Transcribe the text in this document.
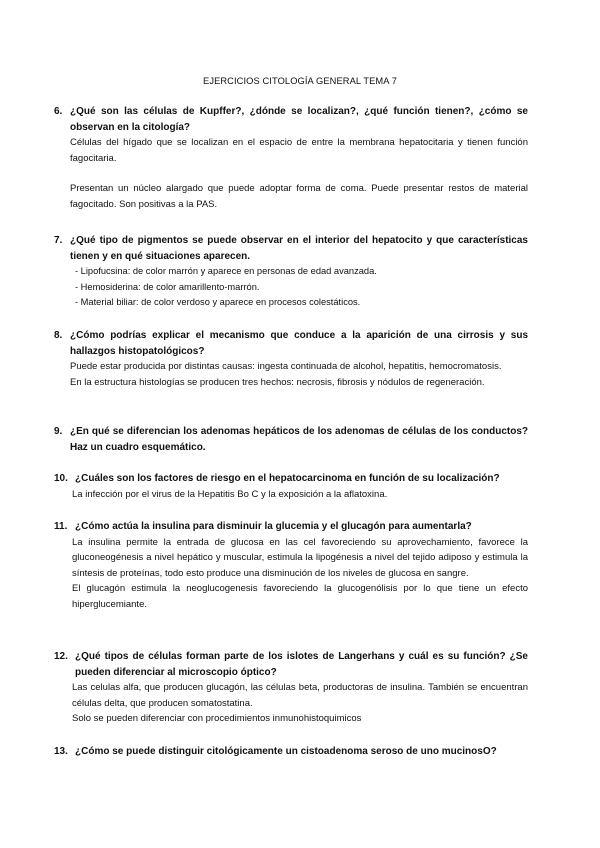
EJERCICIOS CITOLOGÍA GENERAL TEMA 7
6. ¿Qué son las células de Kupffer?, ¿dónde se localizan?, ¿qué función tienen?, ¿cómo se observan en la citología?

Células del hígado que se localizan en el espacio de entre la membrana hepatocitaria y tienen función fagocitaria.

Presentan un núcleo alargado que puede adoptar forma de coma. Puede presentar restos de material fagocitado. Son positivas a la PAS.

7. ¿Qué tipo de pigmentos se puede observar en el interior del hepatocito y que características tienen y en qué situaciones aparecen.
- Lipofucsina: de color marrón y aparece en personas de edad avanzada.
- Hemosiderina: de color amarillento-marrón.
- Material biliar: de color verdoso y aparece en procesos colestáticos.
8. ¿Cómo podrías explicar el mecanismo que conduce a la aparición de una cirrosis y sus hallazgos histopatológicos?

Puede estar producida por distintas causas: ingesta continuada de alcohol, hepatitis, hemocromatosis.

En la estructura histologías se producen tres hechos: necrosis, fibrosis y nódulos de regeneración.

9. ¿En qué se diferencian los adenomas hepáticos de los adenomas de células de los conductos? Haz un cuadro esquemático.
10. ¿Cuáles son los factores de riesgo en el hepatocarcinoma en función de su localización?

La infección por el virus de la Hepatitis Bo C y la exposición a la aflatoxina.

11. ¿Cómo actúa la insulina para disminuir la glucemia y el glucagón para aumentarla?

La insulina permite la entrada de glucosa en las cel favoreciendo su aprovechamiento, favorece la gluconeogénesis a nivel hepático y muscular, estimula la lipogénesis a nivel del tejido adiposo y estimula la síntesis de proteínas, todo esto produce una disminución de los niveles de glucosa en sangre.

El glucagón estimula la neoglucogenesis favoreciendo la glucogenólisis por lo que tiene un efecto hiperglucemiante.

12. ¿Qué tipos de células forman parte de los islotes de Langerhans y cuál es su función? ¿Se pueden diferenciar al microscopio óptico?

Las celulas alfa, que producen glucagón, las células beta, productoras de insulina. También se encuentran células delta, que producen somatostatina.

Solo se pueden diferenciar con procedimientos inmunohistoquimicos

13. ¿Cómo se puede distinguir citológicamente un cistoadenoma seroso de uno mucinosO?
